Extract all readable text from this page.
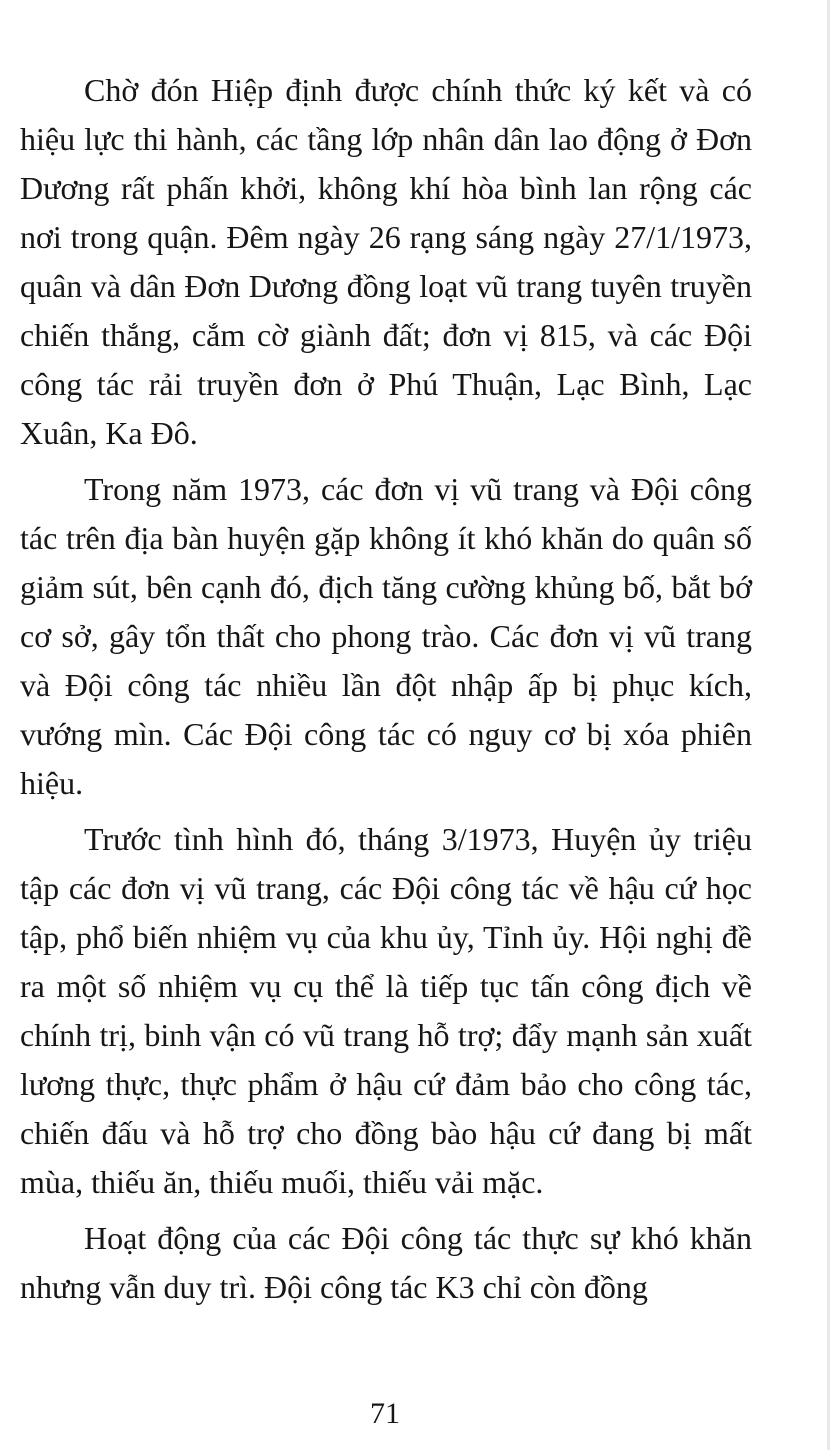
Chờ đón Hiệp định được chính thức ký kết và có hiệu lực thi hành, các tầng lớp nhân dân lao động ở Đơn Dương rất phấn khởi, không khí hòa bình lan rộng các nơi trong quận. Đêm ngày 26 rạng sáng ngày 27/1/1973, quân và dân Đơn Dương đồng loạt vũ trang tuyên truyền chiến thắng, cắm cờ giành đất; đơn vị 815, và các Đội công tác rải truyền đơn ở Phú Thuận, Lạc Bình, Lạc Xuân, Ka Đô.

Trong năm 1973, các đơn vị vũ trang và Đội công tác trên địa bàn huyện gặp không ít khó khăn do quân số giảm sút, bên cạnh đó, địch tăng cường khủng bố, bắt bớ cơ sở, gây tổn thất cho phong trào. Các đơn vị vũ trang và Đội công tác nhiều lần đột nhập ấp bị phục kích, vướng mìn. Các Đội công tác có nguy cơ bị xóa phiên hiệu.

Trước tình hình đó, tháng 3/1973, Huyện ủy triệu tập các đơn vị vũ trang, các Đội công tác về hậu cứ học tập, phổ biến nhiệm vụ của khu ủy, Tỉnh ủy. Hội nghị đề ra một số nhiệm vụ cụ thể là tiếp tục tấn công địch về chính trị, binh vận có vũ trang hỗ trợ; đẩy mạnh sản xuất lương thực, thực phẩm ở hậu cứ đảm bảo cho công tác, chiến đấu và hỗ trợ cho đồng bào hậu cứ đang bị mất mùa, thiếu ăn, thiếu muối, thiếu vải mặc.

Hoạt động của các Đội công tác thực sự khó khăn nhưng vẫn duy trì. Đội công tác K3 chỉ còn đồng

71
